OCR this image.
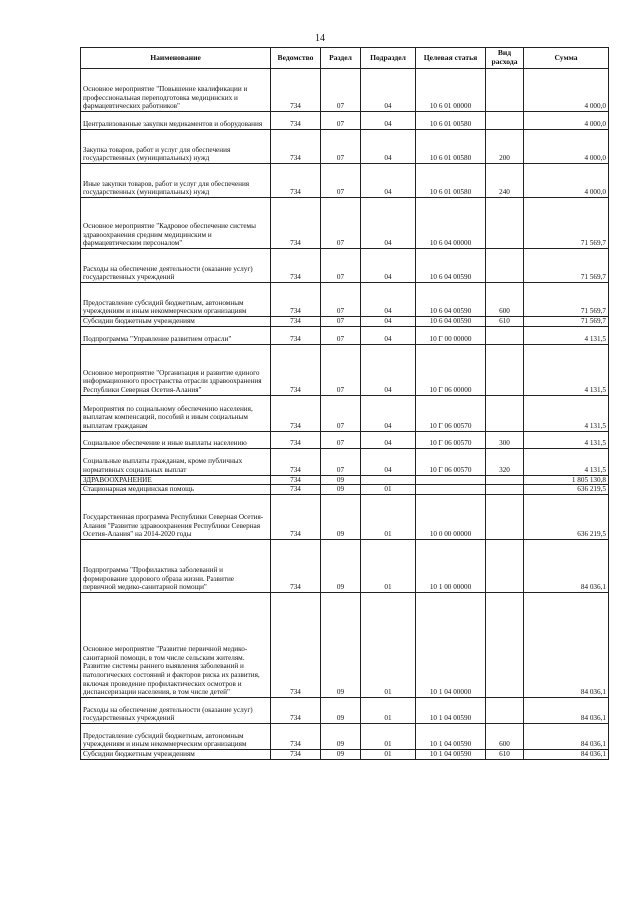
14
Наименование	Ведомство	Раздел	Подраздел	Целевая статья	Вид расхода	Сумма
Основное мероприятие "Повышение квалификации и профессиональная переподготовка медицинских и фармацевтических работников"	734	07	04	10 6 01 00000		4 000,0
Централизованные закупки медикаментов и оборудования	734	07	04	10 6 01 00580		4 000,0
Закупка товаров, работ и услуг для обеспечения государственных (муниципальных) нужд	734	07	04	10 6 01 00580	200	4 000,0
Иные закупки товаров, работ и услуг для обеспечения государственных (муниципальных) нужд	734	07	04	10 6 01 00580	240	4 000,0
Основное мероприятие "Кадровое обеспечение системы здравоохранения средним медицинским и фармацевтическим персоналом"	734	07	04	10 6 04 00000		71 569,7
Расходы на обеспечение деятельности (оказание услуг) государственных учреждений	734	07	04	10 6 04 00590		71 569,7
Предоставление субсидий бюджетным, автономным учреждениям и иным некоммерческим организациям	734	07	04	10 6 04 00590	600	71 569,7
Субсидии бюджетным учреждениям	734	07	04	10 6 04 00590	610	71 569,7
Подпрограмма "Управление развитием отрасли"	734	07	04	10 Г 00 00000		4 131,5
Основное мероприятие "Организация и развитие единого информационного пространства отрасли здравоохранения Республики Северная Осетия-Алания"	734	07	04	10 Г 06 00000		4 131,5
Мероприятия по социальному обеспечению населения, выплатам компенсаций, пособий и иным социальным выплатам гражданам	734	07	04	10 Г 06 00570		4 131,5
Социальное обеспечение и иные выплаты населению	734	07	04	10 Г 06 00570	300	4 131,5
Социальные выплаты гражданам, кроме публичных нормативных социальных выплат	734	07	04	10 Г 06 00570	320	4 131,5
ЗДРАВООХРАНЕНИЕ	734	09				1 805 130,8
Стационарная медицинская помощь	734	09	01			636 219,5
Государственная программа Республики Северная Осетия-Алания "Развитие здравоохранения Республики Северная Осетия-Алания" на 2014-2020 годы	734	09	01	10 0 00 00000		636 219,5
Подпрограмма "Профилактика заболеваний и формирование здорового образа жизни. Развитие первичной медико-санитарной помощи"	734	09	01	10 1 00 00000		84 036,1
Основное мероприятие "Развитие первичной медико-санитарной помощи, в том числе сельским жителям. Развитие системы раннего выявления заболеваний и патологических состояний и факторов риска их развития, включая проведение профилактических осмотров и диспансеризации населения, в том числе детей"	734	09	01	10 1 04 00000		84 036,1
Расходы на обеспечение деятельности (оказание услуг) государственных учреждений	734	09	01	10 1 04 00590		84 036,1
Предоставление субсидий бюджетным, автономным учреждениям и иным некоммерческим организациям	734	09	01	10 1 04 00590	600	84 036,1
Субсидии бюджетным учреждениям	734	09	01	10 1 04 00590	610	84 036,1
